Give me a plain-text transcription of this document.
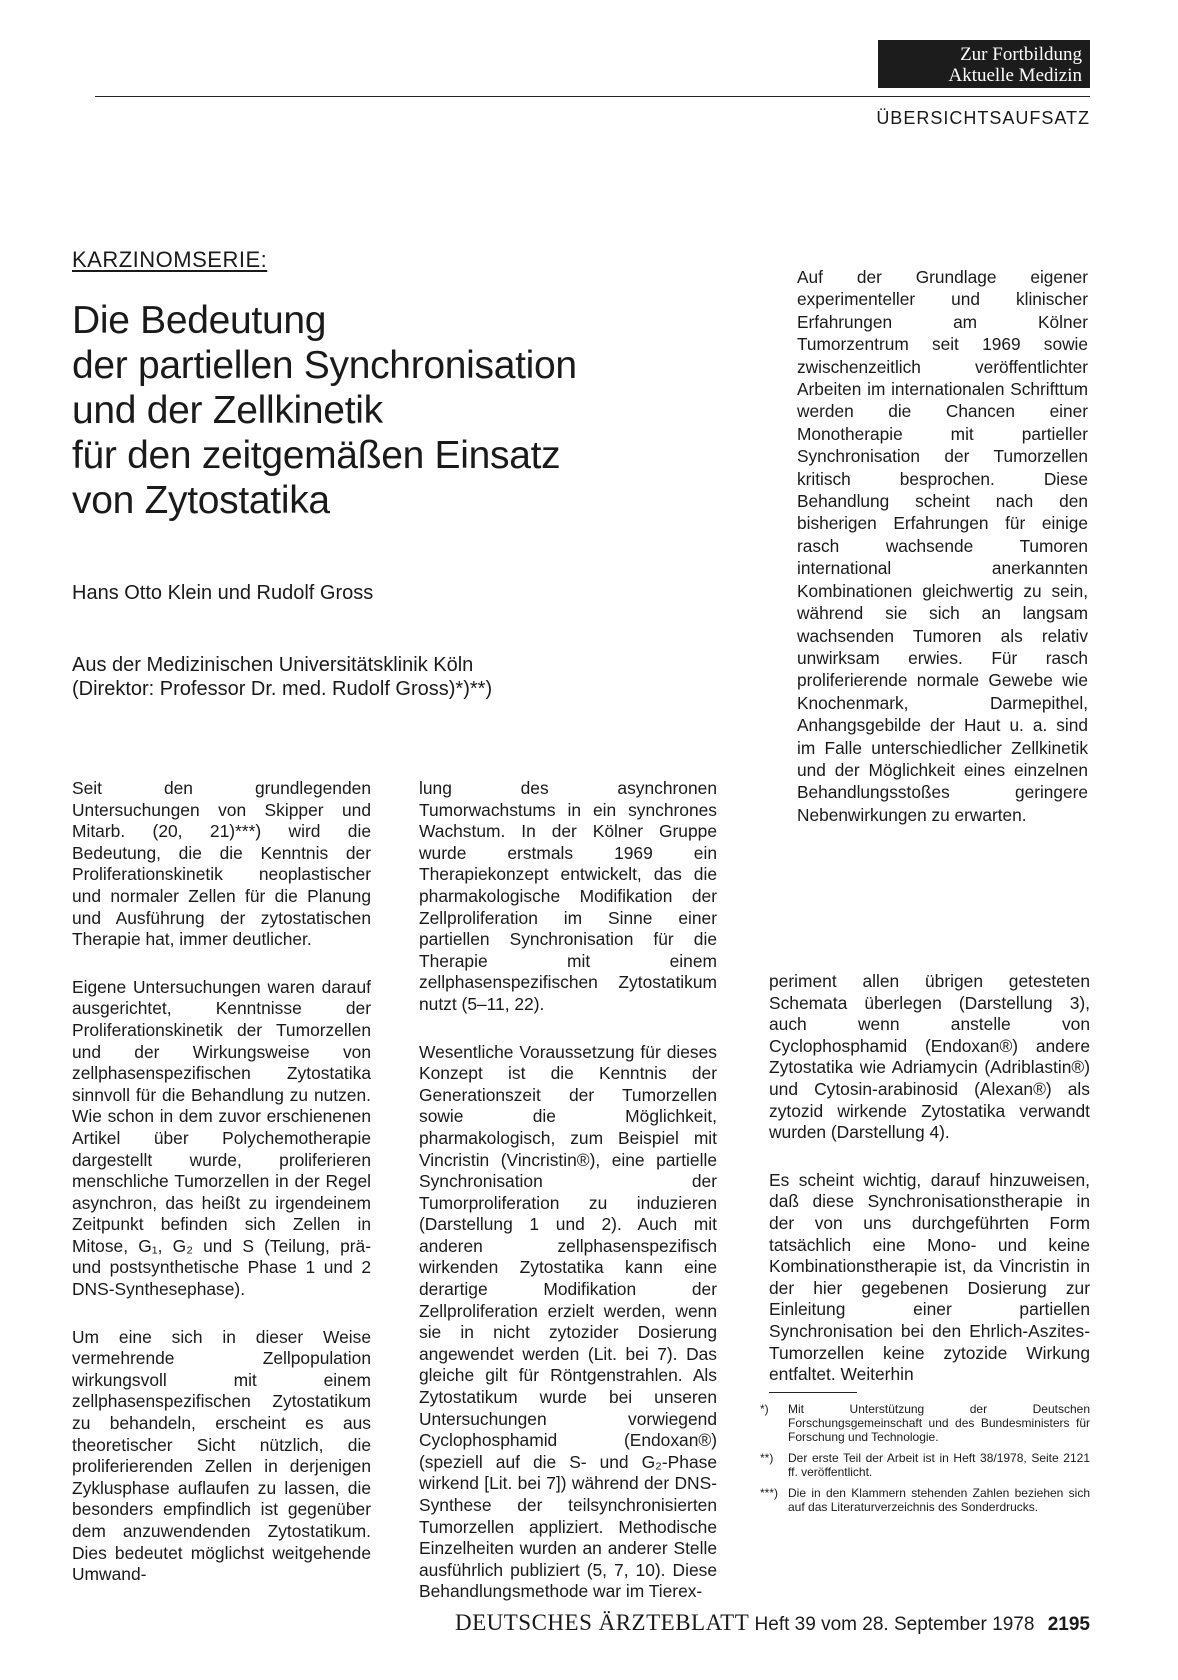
Zur Fortbildung
Aktuelle Medizin
ÜBERSICHTSAUFSATZ
KARZINOMSERIE:
Die Bedeutung
der partiellen Synchronisation
und der Zellkinetik
für den zeitgemäßen Einsatz
von Zytostatika
Hans Otto Klein und Rudolf Gross
Aus der Medizinischen Universitätsklinik Köln
(Direktor: Professor Dr. med. Rudolf Gross)*)**)

Auf der Grundlage eigener experimenteller und klinischer Erfahrungen am Kölner Tumorzentrum seit 1969 sowie zwischenzeitlich veröffentlichter Arbeiten im internationalen Schrifttum werden die Chancen einer Monotherapie mit partieller Synchronisation der Tumorzellen kritisch besprochen. Diese Behandlung scheint nach den bisherigen Erfahrungen für einige rasch wachsende Tumoren international anerkannten Kombinationen gleichwertig zu sein, während sie sich an langsam wachsenden Tumoren als relativ unwirksam erwies. Für rasch proliferierende normale Gewebe wie Knochenmark, Darmepithel, Anhangsgebilde der Haut u. a. sind im Falle unterschiedlicher Zellkinetik und der Möglichkeit eines einzelnen Behandlungsstoßes geringere Nebenwirkungen zu erwarten.

Seit den grundlegenden Untersuchungen von Skipper und Mitarb. (20, 21)***) wird die Bedeutung, die die Kenntnis der Proliferationskinetik neoplastischer und normaler Zellen für die Planung und Ausführung der zytostatischen Therapie hat, immer deutlicher.

Eigene Untersuchungen waren darauf ausgerichtet, Kenntnisse der Proliferationskinetik der Tumorzellen und der Wirkungsweise von zellphasenspezifischen Zytostatika sinnvoll für die Behandlung zu nutzen. Wie schon in dem zuvor erschienenen Artikel über Polychemotherapie dargestellt wurde, proliferieren menschliche Tumorzellen in der Regel asynchron, das heißt zu irgendeinem Zeitpunkt befinden sich Zellen in Mitose, G₁, G₂ und S (Teilung, prä- und postsynthetische Phase 1 und 2 DNS-Synthesephase).

Um eine sich in dieser Weise vermehrende Zellpopulation wirkungsvoll mit einem zellphasenspezifischen Zytostatikum zu behandeln, erscheint es aus theoretischer Sicht nützlich, die proliferierenden Zellen in derjenigen Zyklusphase auflaufen zu lassen, die besonders empfindlich ist gegenüber dem anzuwendenden Zytostatikum. Dies bedeutet möglichst weitgehende Umwand-

lung des asynchronen Tumorwachstums in ein synchrones Wachstum. In der Kölner Gruppe wurde erstmals 1969 ein Therapiekonzept entwickelt, das die pharmakologische Modifikation der Zellproliferation im Sinne einer partiellen Synchronisation für die Therapie mit einem zellphasenspezifischen Zytostatikum nutzt (5–11, 22).

Wesentliche Voraussetzung für dieses Konzept ist die Kenntnis der Generationszeit der Tumorzellen sowie die Möglichkeit, pharmakologisch, zum Beispiel mit Vincristin (Vincristin®), eine partielle Synchronisation der Tumorproliferation zu induzieren (Darstellung 1 und 2). Auch mit anderen zellphasenspezifisch wirkenden Zytostatika kann eine derartige Modifikation der Zellproliferation erzielt werden, wenn sie in nicht zytozider Dosierung angewendet werden (Lit. bei 7). Das gleiche gilt für Röntgenstrahlen. Als Zytostatikum wurde bei unseren Untersuchungen vorwiegend Cyclophosphamid (Endoxan®) (speziell auf die S- und G₂-Phase wirkend [Lit. bei 7]) während der DNS-Synthese der teilsynchronisierten Tumorzellen appliziert. Methodische Einzelheiten wurden an anderer Stelle ausführlich publiziert (5, 7, 10). Diese Behandlungsmethode war im Tierex-

periment allen übrigen getesteten Schemata überlegen (Darstellung 3), auch wenn anstelle von Cyclophosphamid (Endoxan®) andere Zytostatika wie Adriamycin (Adriblastin®) und Cytosin-arabinosid (Alexan®) als zytozid wirkende Zytostatika verwandt wurden (Darstellung 4).

Es scheint wichtig, darauf hinzuweisen, daß diese Synchronisationstherapie in der von uns durchgeführten Form tatsächlich eine Mono- und keine Kombinationstherapie ist, da Vincristin in der hier gegebenen Dosierung zur Einleitung einer partiellen Synchronisation bei den Ehrlich-Aszites-Tumorzellen keine zytozide Wirkung entfaltet. Weiterhin

*)	Mit Unterstützung der Deutschen Forschungsgemeinschaft und des Bundesministers für Forschung und Technologie.
**)	Der erste Teil der Arbeit ist in Heft 38/1978, Seite 2121 ff. veröffentlicht.
***) Die in den Klammern stehenden Zahlen beziehen sich auf das Literaturverzeichnis des Sonderdrucks.
DEUTSCHES ÄRZTEBLATT Heft 39 vom 28. September 1978 2195
